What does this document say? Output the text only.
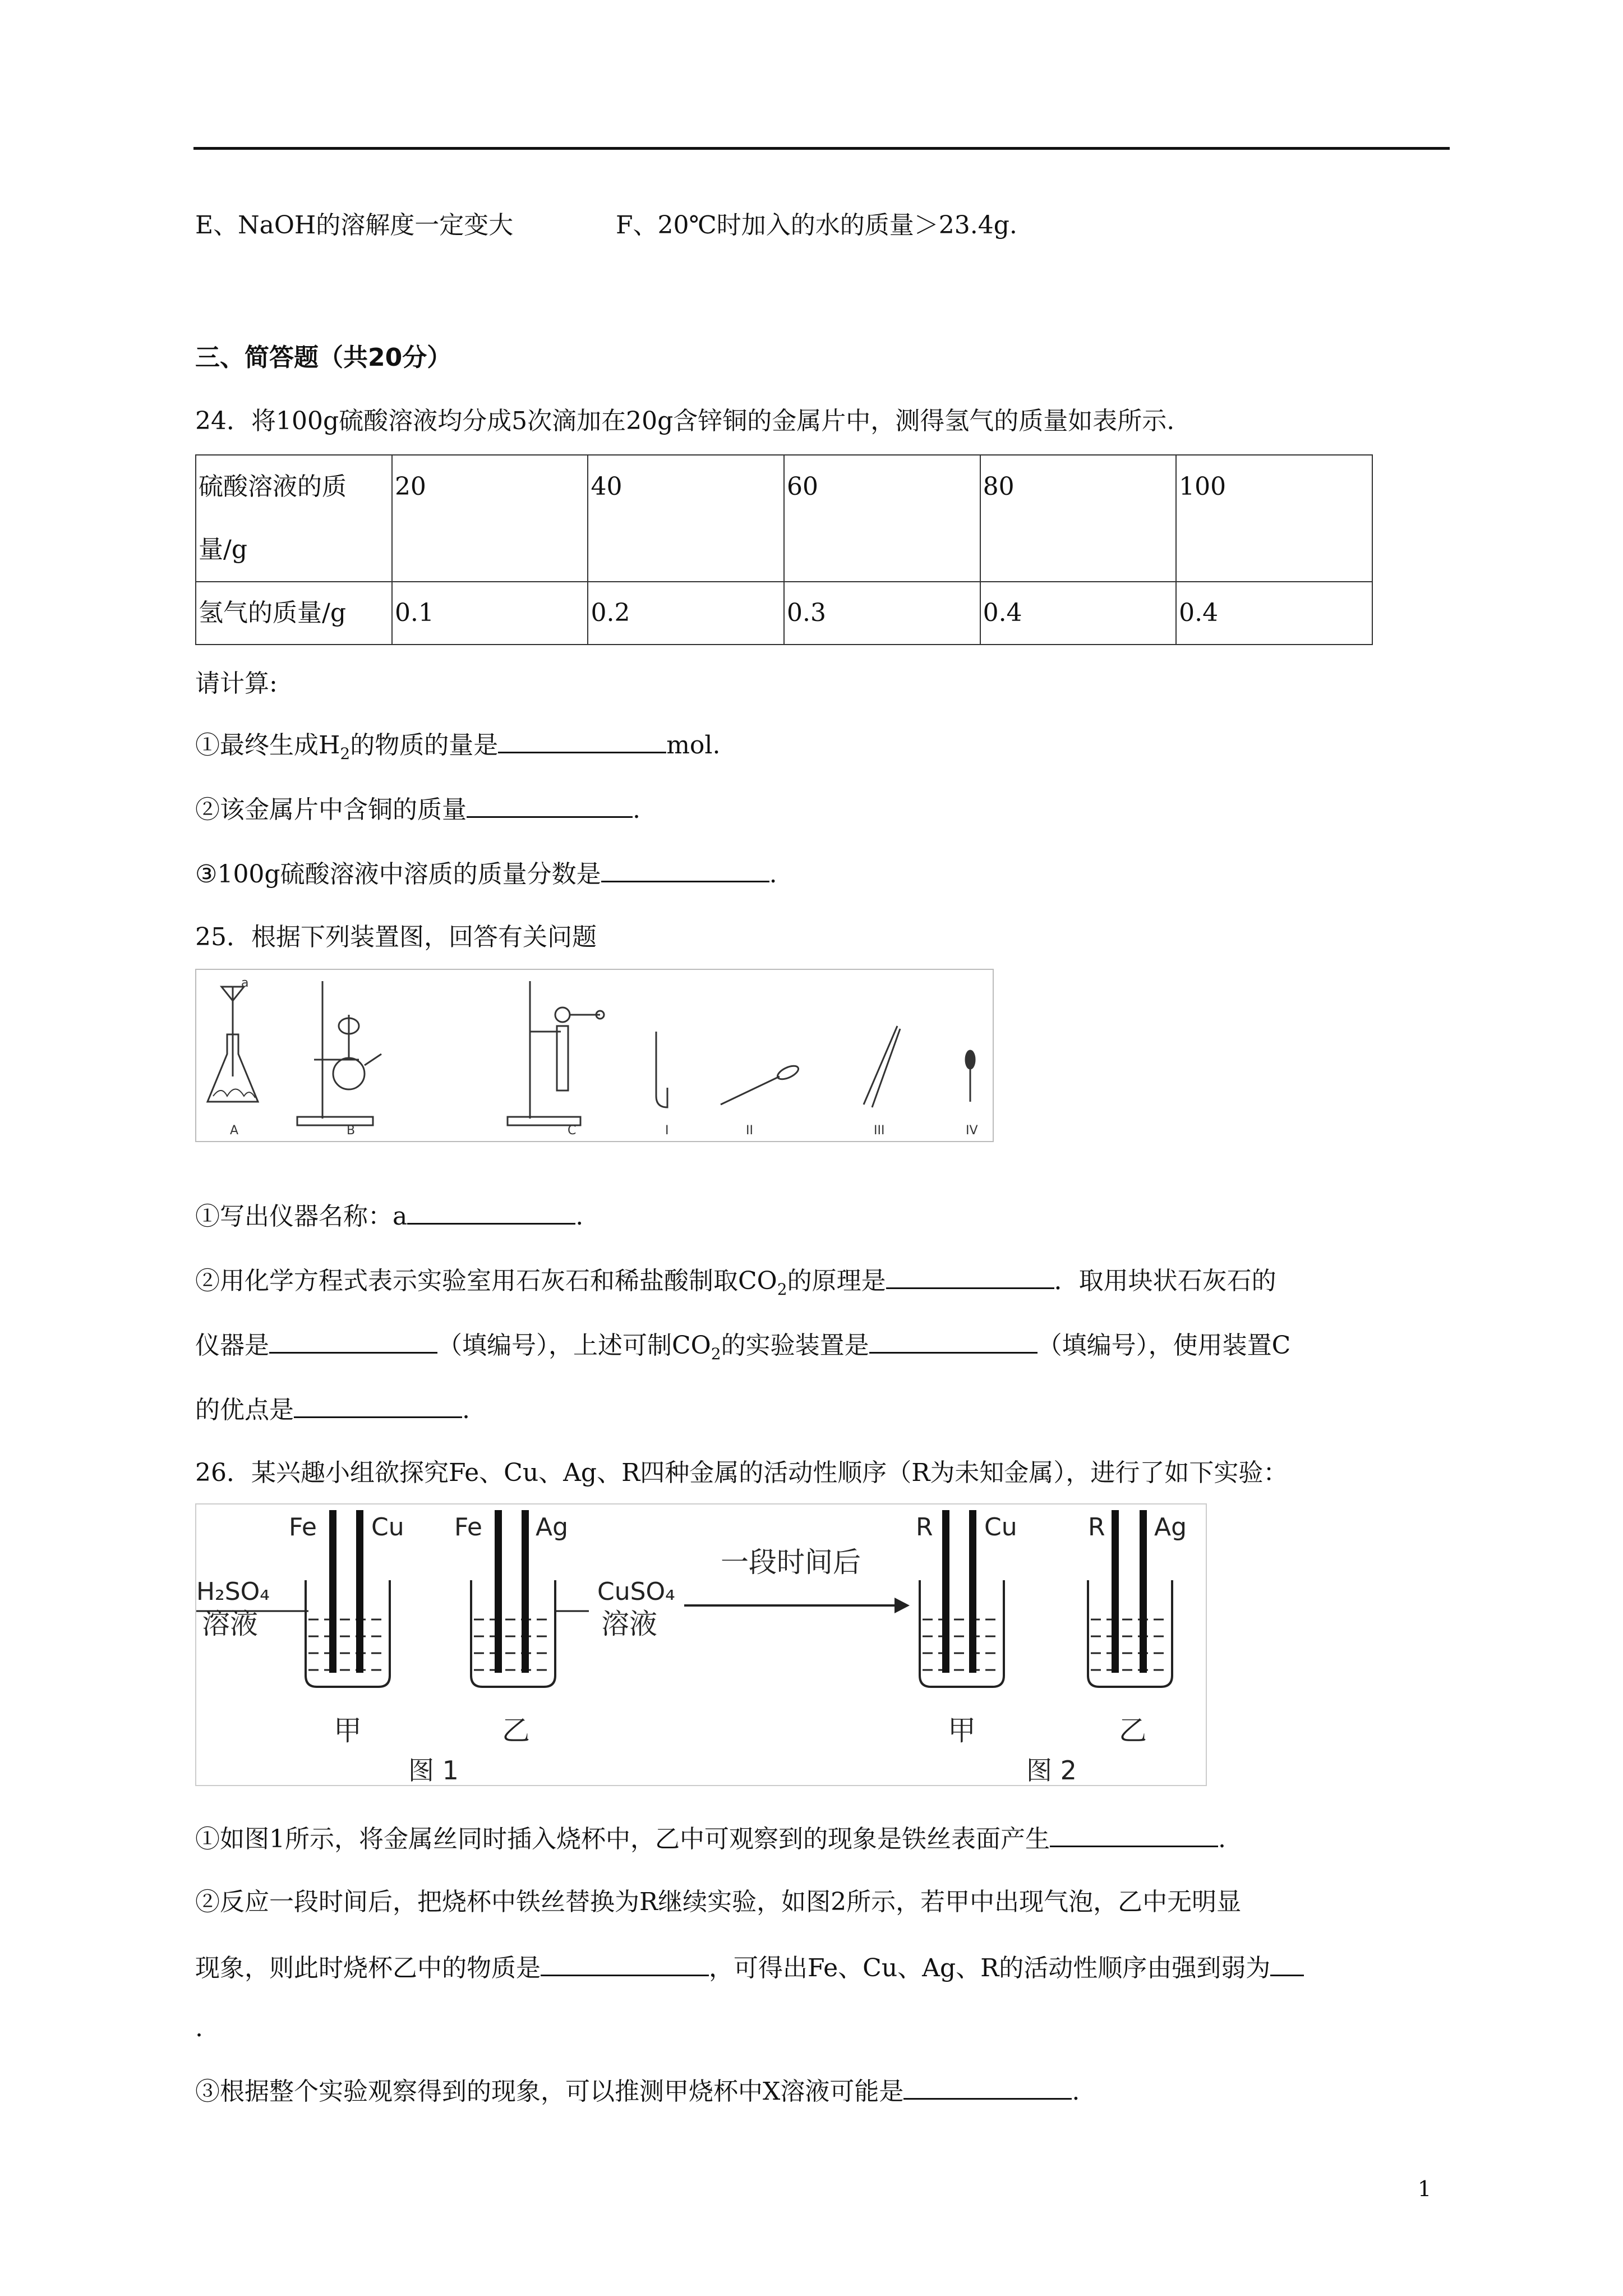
E、NaOH的溶解度一定变大	F、20℃时加入的水的质量＞23.4g.
三、简答题（共20分）
24．将100g硫酸溶液均分成5次滴加在20g含锌铜的金属片中，测得氢气的质量如表所示.
硫酸溶液的质
量/g	20	40	60	80	100
氢气的质量/g	0.1	0.2	0.3	0.4	0.4
请计算:
①最终生成$H_2$的物质的量是	mol.
②该金属片中含铜的质量	.
③100g硫酸溶液中溶质的质量分数是	.
25．根据下列装置图，回答有关问题
a
A	B	C	I	II	III	IV
①写出仪器名称：a	.
②用化学方程式表示实验室用石灰石和稀盐酸制取$CO_2$的原理是	．取用块状石灰石的
仪器是	（填编号），上述可制$CO_2$的实验装置是	（填编号），使用装置C
的优点是	.
26．某兴趣小组欲探究Fe、Cu、Ag、R四种金属的活动性顺序（R为未知金属），进行了如下实验：
Fe Cu
H₂SO₄
溶液
甲
Fe Ag
乙
图 1
CuSO₄
溶液
一段时间后
R Cu
甲
R Ag
乙
图 2
①如图1所示，将金属丝同时插入烧杯中，乙中可观察到的现象是铁丝表面产生	.
②反应一段时间后，把烧杯中铁丝替换为R继续实验，如图2所示，若甲中出现气泡，乙中无明显
现象，则此时烧杯乙中的物质是	，可得出Fe、Cu、Ag、R的活动性顺序由强到弱为
.
③根据整个实验观察得到的现象，可以推测甲烧杯中X溶液可能是	.
1
